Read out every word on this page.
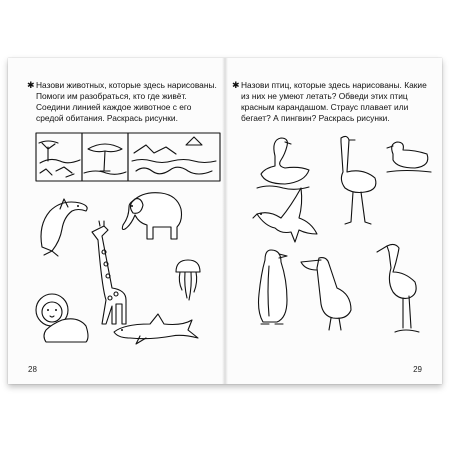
✱ Назови животных, которые здесь нарисованы. Помоги им разобраться, кто где живёт. Соедини линией каждое животное с его средой обитания. Раскрась рисунки.
28
✱ Назови птиц, которые здесь нарисованы. Какие из них не умеют летать? Обведи этих птиц красным карандашом. Страус плавает или бегает? А пингвин? Раскрась рисунки.
29
